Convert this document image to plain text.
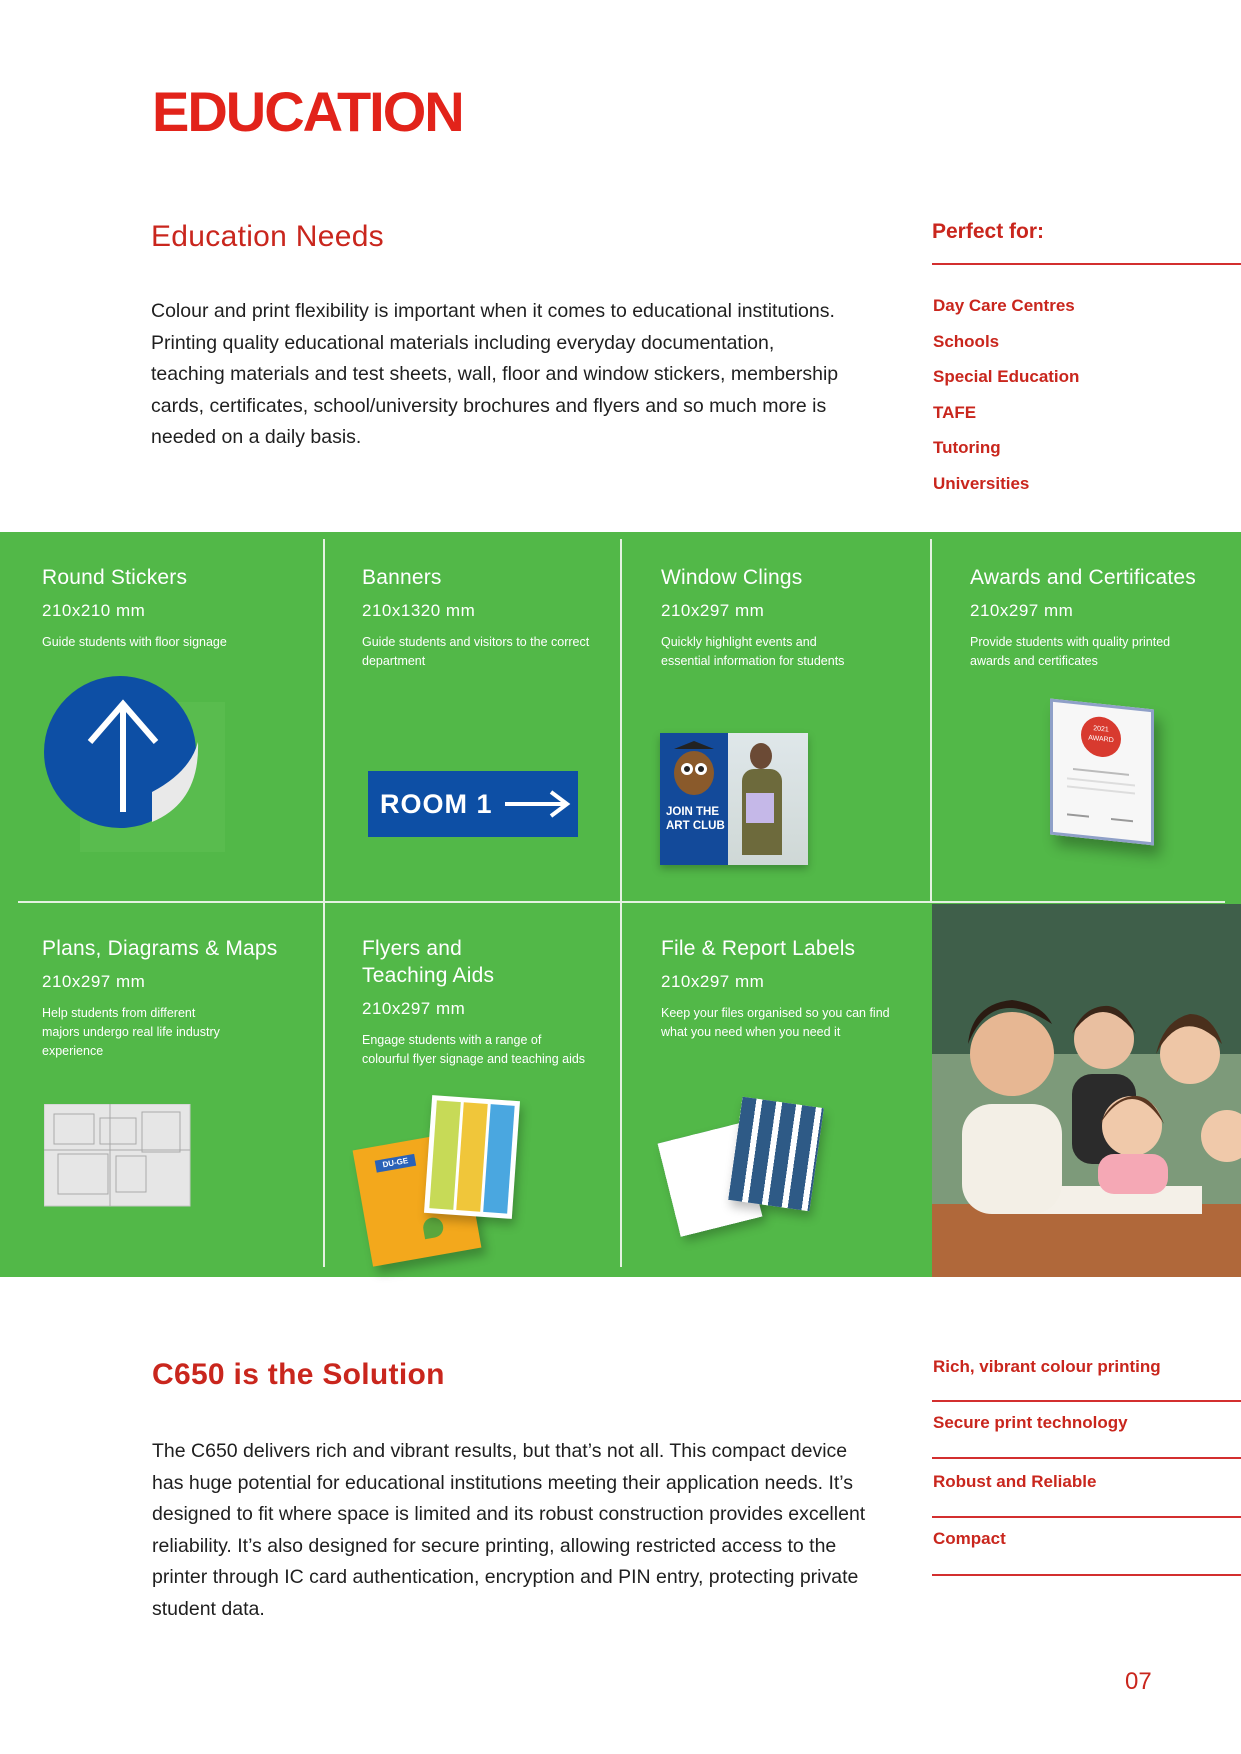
EDUCATION
Education Needs

Colour and print flexibility is important when it comes to educational institutions. Printing quality educational materials including everyday documentation, teaching materials and test sheets, wall, floor and window stickers, membership cards, certificates, school/university brochures and flyers and so much more is needed on a daily basis.

Perfect for:
Day Care Centres
Schools
Special Education
TAFE
Tutoring
Universities
Round Stickers

210x210 mm

Guide students with floor signage

Banners

210x1320 mm

Guide students and visitors to the correct department

ROOM 1
Window Clings

210x297 mm

Quickly highlight events and essential information for students

JOIN THE ART CLUB
Awards and Certificates

210x297 mm

Provide students with quality printed awards and certificates

2021
AWARD
Plans, Diagrams & Maps

210x297 mm

Help students from different majors undergo real life industry experience

Flyers and Teaching Aids

210x297 mm

Engage students with a range of colourful flyer signage and teaching aids

DU-GE
File & Report Labels

210x297 mm

Keep your files organised so you can find what you need when you need it

C650 is the Solution

The C650 delivers rich and vibrant results, but that’s not all. This compact device has huge potential for educational institutions meeting their application needs. It’s designed to fit where space is limited and its robust construction provides excellent reliability. It’s also designed for secure printing, allowing restricted access to the printer through IC card authentication, encryption and PIN entry, protecting private student data.

Rich, vibrant colour printing
Secure print technology
Robust and Reliable
Compact
07
